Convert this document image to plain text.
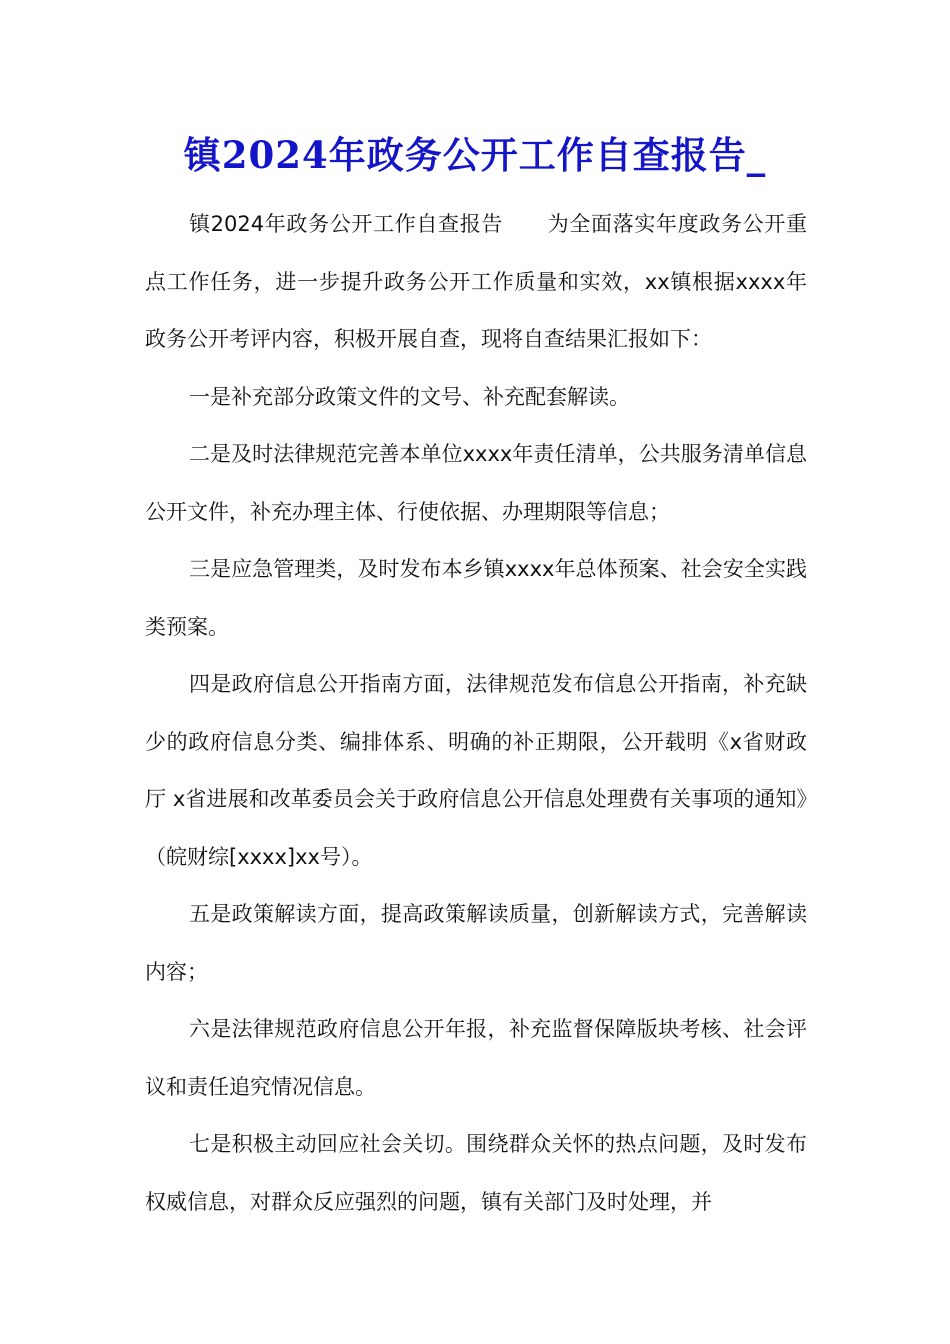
镇2024年政务公开工作自查报告_

镇2024年政务公开工作自查报告 为全面落实年度政务公开重点工作任务，进一步提升政务公开工作质量和实效，xx镇根据xxxx年政务公开考评内容，积极开展自查，现将自查结果汇报如下：

一是补充部分政策文件的文号、补充配套解读。

二是及时法律规范完善本单位xxxx年责任清单，公共服务清单信息公开文件，补充办理主体、行使依据、办理期限等信息；

三是应急管理类，及时发布本乡镇xxxx年总体预案、社会安全实践类预案。

四是政府信息公开指南方面，法律规范发布信息公开指南，补充缺少的政府信息分类、编排体系、明确的补正期限，公开载明《x省财政厅 x省进展和改革委员会关于政府信息公开信息处理费有关事项的通知》（皖财综[xxxx]xx号）。

五是政策解读方面，提高政策解读质量，创新解读方式，完善解读内容；

六是法律规范政府信息公开年报，补充监督保障版块考核、社会评议和责任追究情况信息。

七是积极主动回应社会关切。围绕群众关怀的热点问题，及时发布权威信息，对群众反应强烈的问题，镇有关部门及时处理，并
